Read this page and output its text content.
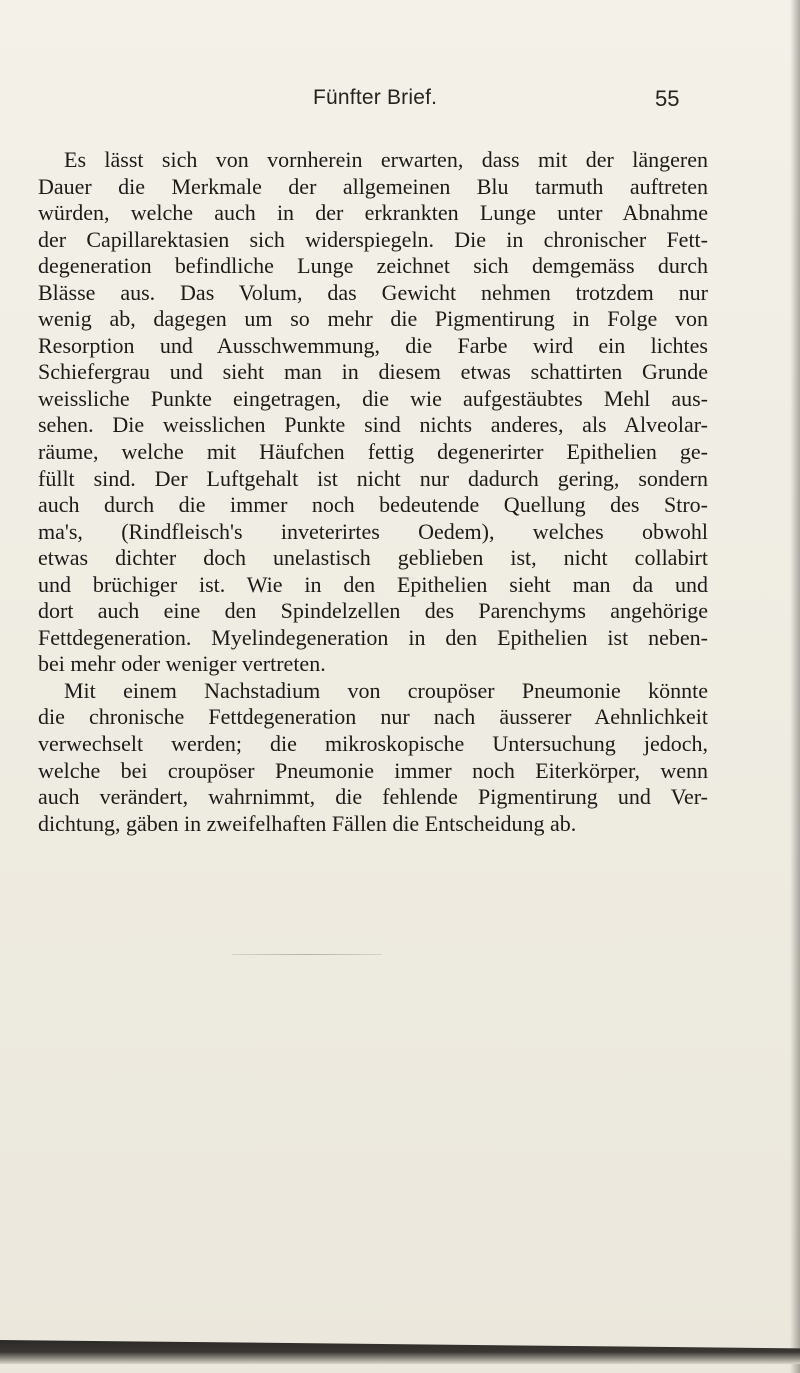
Fünfter Brief.	55
Es lässt sich von vornherein erwarten, dass mit der längeren
Dauer die Merkmale der allgemeinen Blu tarmuth auftreten
würden, welche auch in der erkrankten Lunge unter Abnahme
der Capillarektasien sich widerspiegeln. Die in chronischer Fett-
degeneration befindliche Lunge zeichnet sich demgemäss durch
Blässe aus. Das Volum, das Gewicht nehmen trotzdem nur
wenig ab, dagegen um so mehr die Pigmentirung in Folge von
Resorption und Ausschwemmung, die Farbe wird ein lichtes
Schiefergrau und sieht man in diesem etwas schattirten Grunde
weissliche Punkte eingetragen, die wie aufgestäubtes Mehl aus-
sehen. Die weisslichen Punkte sind nichts anderes, als Alveolar-
räume, welche mit Häufchen fettig degenerirter Epithelien ge-
füllt sind. Der Luftgehalt ist nicht nur dadurch gering, sondern
auch durch die immer noch bedeutende Quellung des Stro-
ma's, (Rindfleisch's inveterirtes Oedem), welches obwohl
etwas dichter doch unelastisch geblieben ist, nicht collabirt
und brüchiger ist. Wie in den Epithelien sieht man da und
dort auch eine den Spindelzellen des Parenchyms angehörige
Fettdegeneration. Myelindegeneration in den Epithelien ist neben-
bei mehr oder weniger vertreten.
Mit einem Nachstadium von croupöser Pneumonie könnte
die chronische Fettdegeneration nur nach äusserer Aehnlichkeit
verwechselt werden; die mikroskopische Untersuchung jedoch,
welche bei croupöser Pneumonie immer noch Eiterkörper, wenn
auch verändert, wahrnimmt, die fehlende Pigmentirung und Ver-
dichtung, gäben in zweifelhaften Fällen die Entscheidung ab.
